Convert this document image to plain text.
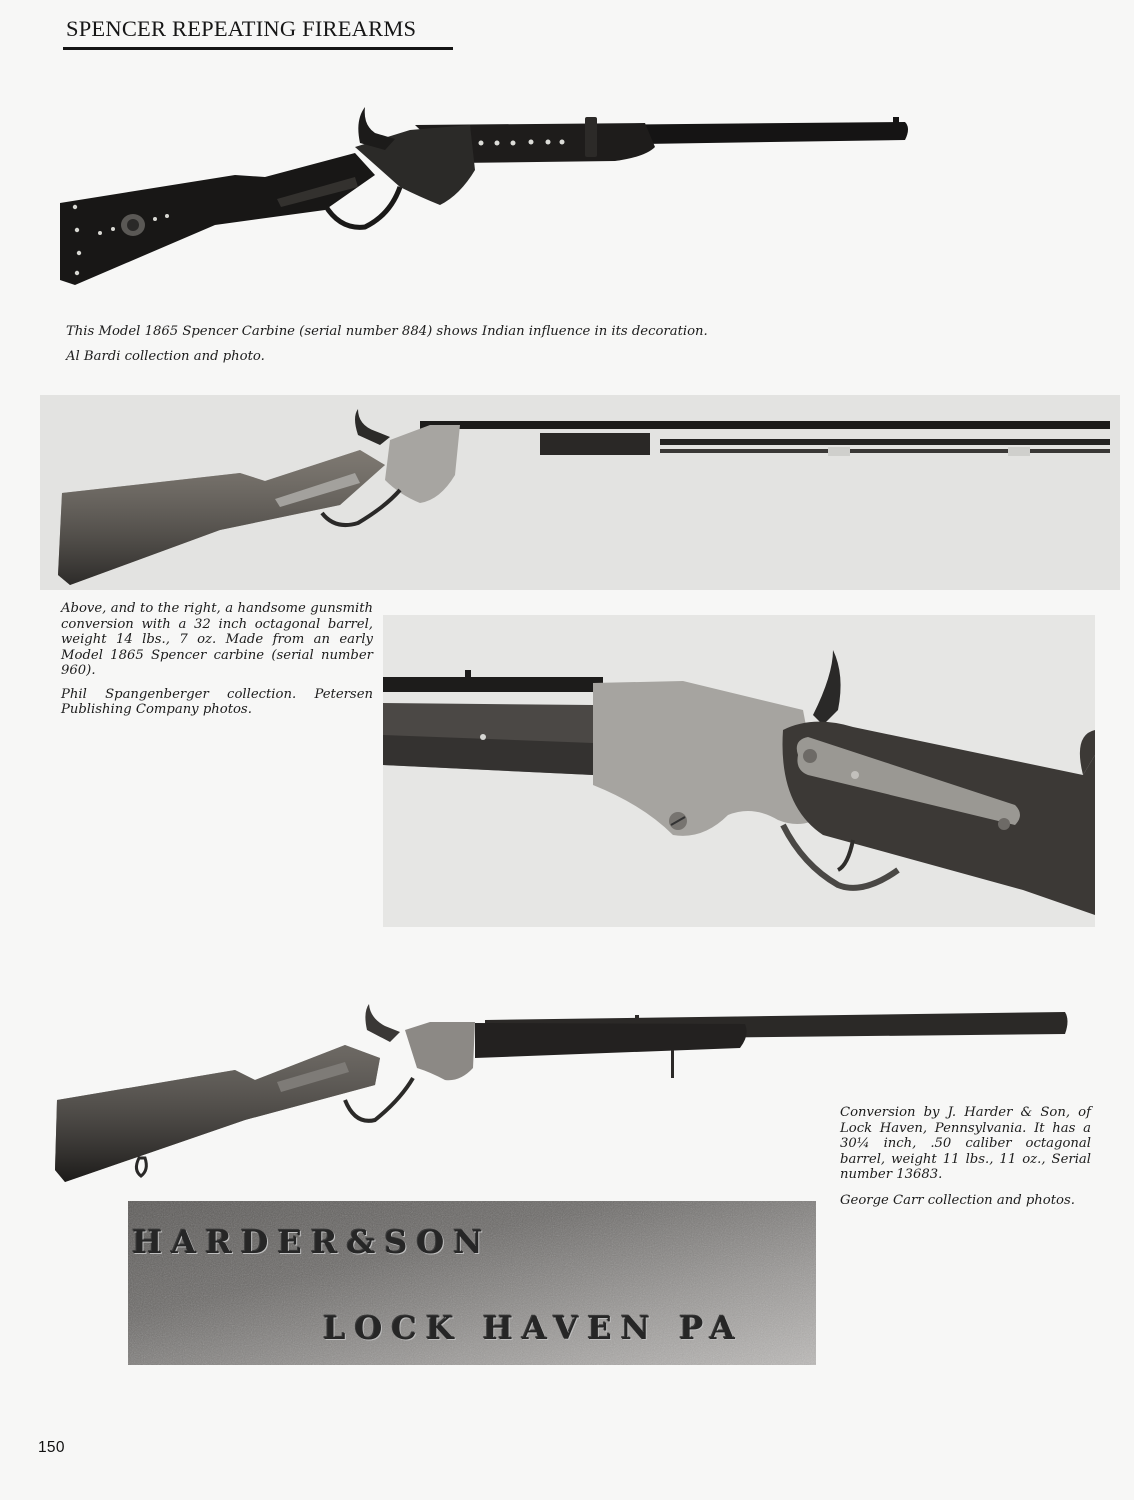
SPENCER REPEATING FIREARMS

This Model 1865 Spencer Carbine (serial number 884) shows Indian influence in its decoration.

Al Bardi collection and photo.

Above, and to the right, a handsome gunsmith conversion with a 32 inch octagonal barrel, weight 14 lbs., 7 oz. Made from an early Model 1865 Spencer carbine (serial number 960).

Phil Spangenberger collection. Petersen Publishing Company photos.

Conversion by J. Harder & Son, of Lock Haven, Pennsylvania. It has a 30¼ inch, .50 caliber octagonal barrel, weight 11 lbs., 11 oz., Serial number 13683.

George Carr collection and photos.

HARDER&SON
LOCK HAVEN PA
150
